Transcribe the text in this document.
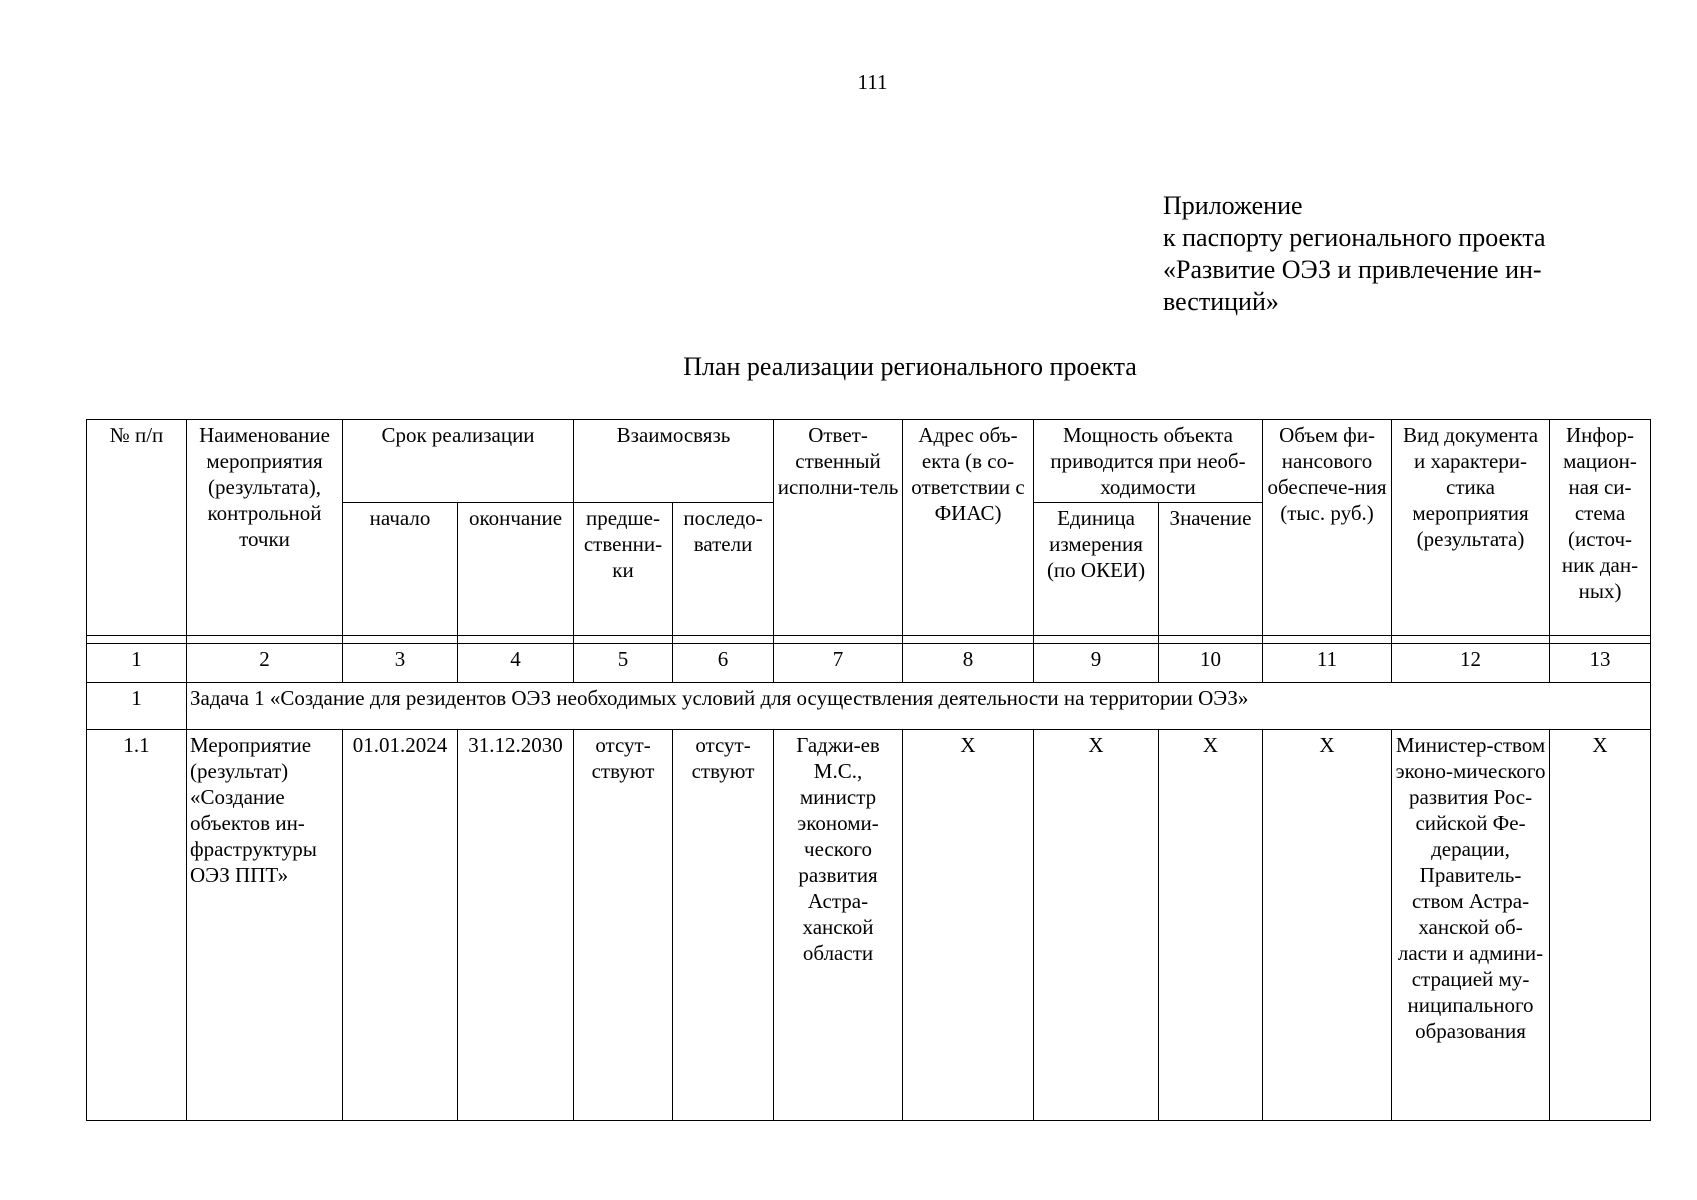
111
Приложение
к паспорту регионального проекта
«Развитие ОЭЗ и привлечение ин-
вестиций»
План реализации регионального проекта
№ п/п	Наименование мероприятия (результата), контрольной точки	Срок реализации		Взаимосвязь		Ответ-ственный исполни-тель	Адрес объ-екта (в со-ответствии с ФИАС)	Мощность объекта приводится при необ-ходимости		Объем фи-нансового обеспече-ния (тыс. руб.)	Вид документа и характери-стика мероприятия (результата)	Инфор-мацион-ная си-стема (источ-ник дан-ных)
		начало	окончание	предше-ственни-ки	последо-ватели			Единица измерения (по ОКЕИ)	Значение			

1	2	3	4	5	6	7	8	9	10	11	12	13
1	Задача 1 «Создание для резидентов ОЭЗ необходимых условий для осуществления деятельности на территории ОЭЗ»											
1.1	Мероприятие (результат) «Создание объектов ин-фраструктуры ОЭЗ ППТ»	01.01.2024	31.12.2030	отсут-ствуют	отсут-ствуют	Гаджи-ев М.С., министр экономи-ческого развития Астра-ханской области	Х	Х	Х	Х	Министер-ством эконо-мического развития Рос-сийской Фе-дерации, Правитель-ством Астра-ханской об-ласти и админи-страцией му-ниципального образования	Х
